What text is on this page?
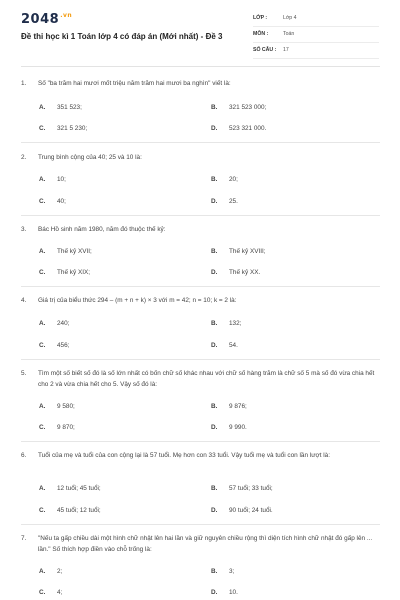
$2048^{.vn}$
Đề thi học kì 1 Toán lớp 4 có đáp án (Mới nhất) - Đề 3
LỚP :	Lớp 4
MÔN :	Toán
SỐ CÂU : 17
1. Số "ba trăm hai mươi mốt triệu năm trăm hai mươi ba nghìn" viết là:
A. 351 523;	B. 321 523 000;
C. 321 5 230;	D. 523 321 000.
2. Trung bình cộng của 40; 25 và 10 là:
A. 10;	B. 20;
C. 40;	D. 25.
3. Bác Hồ sinh năm 1980, năm đó thuộc thế kỷ:
A. Thế kỷ XVII;	B. Thế kỷ XVIII;
C. Thế kỷ XIX;	D. Thế kỷ XX.
4. Giá trị của biểu thức 294 – (m + n + k) × 3 với m = 42; n = 10; k = 2 là:
A. 240;	B. 132;
C. 456;	D. 54.
5. Tìm một số biết số đó là số lớn nhất có bốn chữ số khác nhau với chữ số hàng trăm là chữ số 5 mà số đó vừa chia hết cho 2 và vừa chia hết cho 5. Vậy số đó là:
A. 9 580;	B. 9 876;
C. 9 870;	D. 9 990.
6. Tuổi của mẹ và tuổi của con cộng lại là 57 tuổi. Mẹ hơn con 33 tuổi. Vậy tuổi mẹ và tuổi con lần lượt là:
A. 12 tuổi; 45 tuổi;	B. 57 tuổi; 33 tuổi;
C. 45 tuổi; 12 tuổi;	D. 90 tuổi; 24 tuổi.
7. "Nếu ta gấp chiều dài một hình chữ nhật lên hai lần và giữ nguyên chiều rộng thì diện tích hình chữ nhật đó gấp lên ... lần." Số thích hợp điền vào chỗ trống là:
A. 2;	B. 3;
C. 4;	D. 10.
